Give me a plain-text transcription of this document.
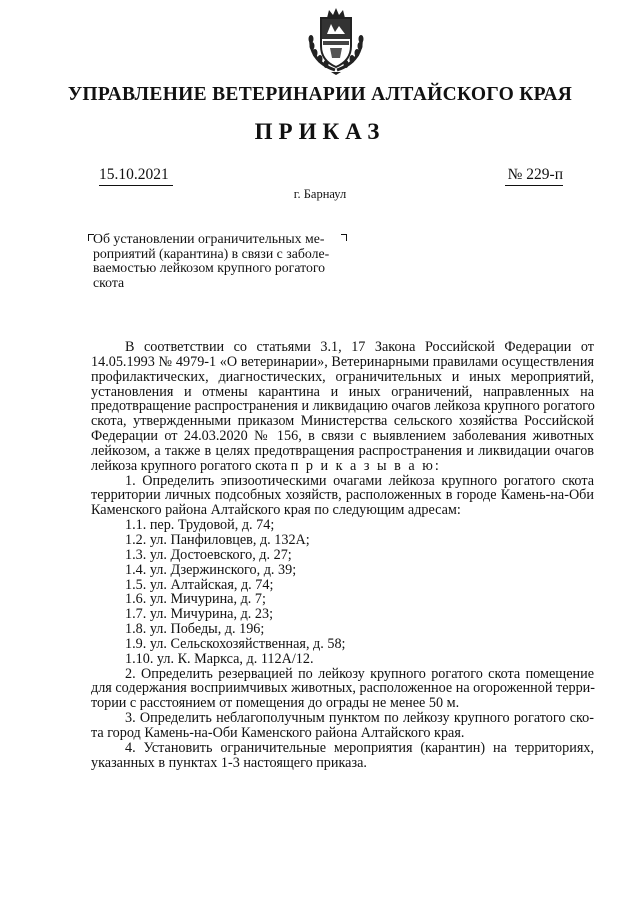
УПРАВЛЕНИЕ ВЕТЕРИНАРИИ АЛТАЙСКОГО КРАЯ
ПРИКАЗ
15.10.2021	№ 229-п
г. Барнаул
Об установлении ограничительных ме-
роприятий (карантина) в связи с заболе-
ваемостью лейкозом крупного рогатого
скота
В соответствии со статьями 3.1, 17 Закона Российской Федерации от
14.05.1993 № 4979-1 «О ветеринарии», Ветеринарными правилами осуществления
профилактических, диагностических, ограничительных и иных мероприятий,
установления и отмены карантина и иных ограничений, направленных на
предотвращение распространения и ликвидацию очагов лейкоза крупного рогатого
скота, утвержденными приказом Министерства сельского хозяйства Российской
Федерации от 24.03.2020 № 156, в связи с выявлением заболевания животных
лейкозом, а также в целях предотвращения распространения и ликвидации очагов
лейкоза крупного рогатого скота п р и к а з ы в а ю:
1. Определить эпизоотическими очагами лейкоза крупного рогатого скота
территории личных подсобных хозяйств, расположенных в городе Камень-на-Оби
Каменского района Алтайского края по следующим адресам:
1.1. пер. Трудовой, д. 74;
1.2. ул. Панфиловцев, д. 132А;
1.3. ул. Достоевского, д. 27;
1.4. ул. Дзержинского, д. 39;
1.5. ул. Алтайская, д. 74;
1.6. ул. Мичурина, д. 7;
1.7. ул. Мичурина, д. 23;
1.8. ул. Победы, д. 196;
1.9. ул. Сельскохозяйственная, д. 58;
1.10. ул. К. Маркса, д. 112А/12.
2. Определить резервацией по лейкозу крупного рогатого скота помещение
для содержания восприимчивых животных, расположенное на огороженной терри-
тории с расстоянием от помещения до ограды не менее 50 м.
3. Определить неблагополучным пунктом по лейкозу крупного рогатого ско-
та город Камень-на-Оби Каменского района Алтайского края.
4. Установить ограничительные мероприятия (карантин) на территориях,
указанных в пунктах 1-3 настоящего приказа.
